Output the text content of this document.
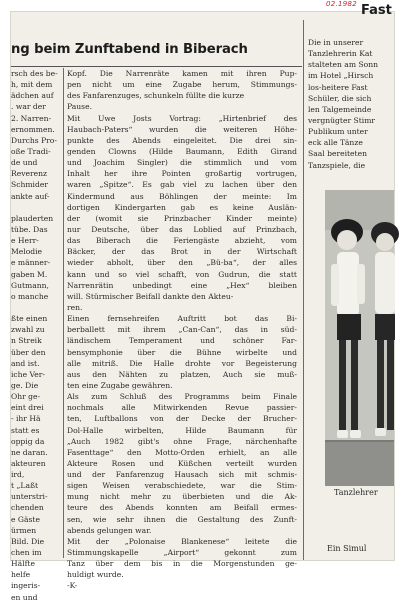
ng beim Zunftabend in Biberach
rsch des be-
h, mit dem
ädchen auf
. war der
2. Narren-
ernommen.
Durchs Pro-
oße Tradi-
de und
Reverenz
Schmider
ankte auf-

plauderten
tübe. Das
e Herr-
Melodie
e männer-
gaben M.
Gutmann,
o manche

ßte einen
zwahl zu
n Streik
über den
and ist.
iche Ver-
ge. Die
Ohr ge-
eint drei
- ihr Hä
statt es
oppig da
ne daran.
akteuren
ird,
t „Laßt
unterstri-
chenden
e Gäste
ürmen
Bild. Die
chen im
Hälfte
helfe
ingeris-
en und
Kopf. Die Narrenräte kamen mit ihren Pup-
pen nicht um eine Zugabe herum, Stimmungs-
des Fanfarenzuges, schunkeln füllte die kurze
Pause.
Mit Uwe Josts Vortrag: „Hirtenbrief des
Haubach-Paters“ wurden die weiteren Höhe-
punkte des Abends eingeleitet. Die drei sin-
genden Clowns (Hilde Baumann, Edith Girand
und Joachim Singler) die stimmlich und vom
Inhalt her ihre Pointen großartig vortrugen,
waren „Spitze“. Es gab viel zu lachen über den
Kindermund aus Böhlingen der meinte: Im
dortigen Kindergarten gab es keine Auslän-
der (womit sie Prinzbacher Kinder meinte)
nur Deutsche, über das Loblied auf Prinzbach,
das Biberach die Feriengäste abzieht, vom
Bäcker, der das Brot in der Wirtschaft
wieder abholt, über den „Bü-ba“, der alles
kann und so viel schafft, von Gudrun, die statt
Narrenrätin unbedingt eine „Hex“ bleiben
will. Stürmischer Beifall dankte den Akteu-
ren.
Einen fernsehreifen Auftritt bot das Bi-
berballett mit ihrem „Can-Can“, das in süd-
ländischem Temperament und schöner Far-
bensymphonie über die Bühne wirbelte und
alle mitriß. Die Halle drohte vor Begeisterung
aus den Nähten zu platzen, Auch sie muß-
ten eine Zugabe gewähren.
Als zum Schluß des Programms beim Finale
nochmals alle Mitwirkenden Revue passier-
ten, Luftballons von der Decke der Brucher-
Dol-Halle wirbelten, Hilde Baumann für
„Auch 1982 gibt's ohne Frage, närchenhafte
Fasenttage“ den Motto-Orden erhielt, an alle
Akteure Rosen und Küßchen verteilt wurden
und der Fanfarenzug Hausach sich mit schmis-
sigen Weisen verabschiedete, war die Stim-
mung nicht mehr zu überbieten und die Ak-
teure des Abends konnten am Beifall ermes-
sen, wie sehr ihnen die Gestaltung des Zunft-
abends gelungen war.
Mit der „Polonaise Blankenese“ leitete die
Stimmungskapelle „Airport“ gekonnt zum
Tanz über dem bis in die Morgenstunden ge-
huldigt wurde.
-K-
Die in unserer
Tanzlehrerin Kat
stalteten am Sonn
im Hotel „Hirsch
los-heitere Fast
Schüler, die sich
len Talgemeinde
vergnügter Stimr
Publikum unter
eck alle Tänze
Saal bereiteten
Tanzspiele, die
Tanzlehrer
Ein Simul
Fast
02.1982
